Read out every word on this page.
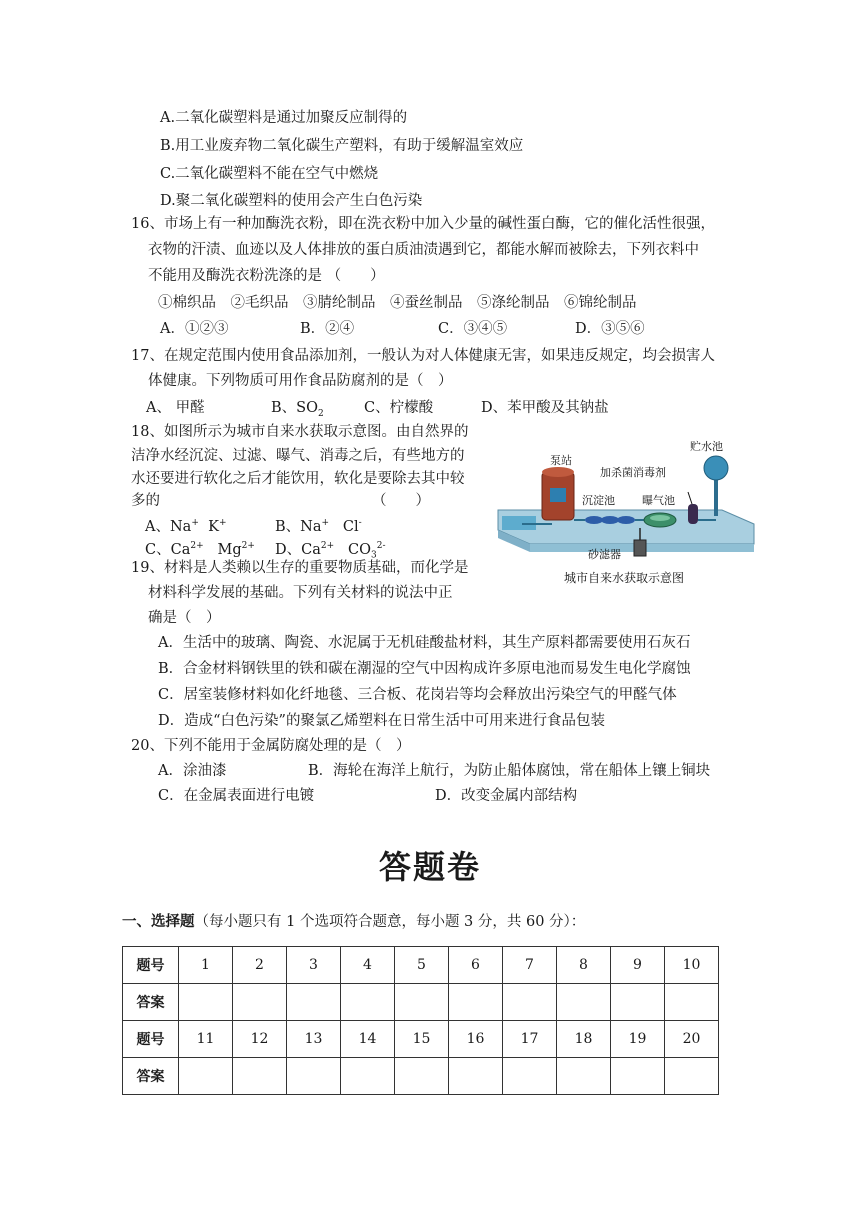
A.二氧化碳塑料是通过加聚反应制得的
B.用工业废弃物二氧化碳生产塑料，有助于缓解温室效应
C.二氧化碳塑料不能在空气中燃烧
D.聚二氧化碳塑料的使用会产生白色污染
16、市场上有一种加酶洗衣粉，即在洗衣粉中加入少量的碱性蛋白酶，它的催化活性很强，
衣物的汗渍、血迹以及人体排放的蛋白质油渍遇到它，都能水解而被除去，下列衣料中
不能用及酶洗衣粉洗涤的是 （　　）
①棉织品　②毛织品　③腈纶制品　④蚕丝制品　⑤涤纶制品　⑥锦纶制品
A．①②③	B．②④	C．③④⑤	D．③⑤⑥
17、在规定范围内使用食品添加剂，一般认为对人体健康无害，如果违反规定，均会损害人
体健康。下列物质可用作食品防腐剂的是（　）
A、 甲醛	B、$SO_2$	C、柠檬酸	D、苯甲酸及其钠盐
18、如图所示为城市自来水获取示意图。由自然界的
洁净水经沉淀、过滤、曝气、消毒之后，有些地方的
水还要进行软化之后才能饮用，软化是要除去其中较
多的	（　　）
A、Na+ K+	B、Na+ Cl-
C、$Ca^{2+}$ $Mg^{2+}$ D、$Ca^{2+}$ $CO_3^{2-}$
泵站
沉淀池 曝气池
加杀菌消毒剂
贮水池
砂滤器
城市自来水获取示意图
19、材料是人类赖以生存的重要物质基础，而化学是
材料科学发展的基础。下列有关材料的说法中正
确是（　）
A．生活中的玻璃、陶瓷、水泥属于无机硅酸盐材料，其生产原料都需要使用石灰石
B．合金材料钢铁里的铁和碳在潮湿的空气中因构成许多原电池而易发生电化学腐蚀
C．居室装修材料如化纤地毯、三合板、花岗岩等均会释放出污染空气的甲醛气体
D．造成“白色污染”的聚氯乙烯塑料在日常生活中可用来进行食品包装
20、下列不能用于金属防腐处理的是（　）
A．涂油漆	B．海轮在海洋上航行，为防止船体腐蚀，常在船体上镶上铜块
C．在金属表面进行电镀	D．改变金属内部结构
答题卷
一、选择题（每小题只有 1 个选项符合题意，每小题 3 分，共 60 分）：
题号	1	2	3	4	5	6	7	8	9	10
答案										
题号	11	12	13	14	15	16	17	18	19	20
答案										
